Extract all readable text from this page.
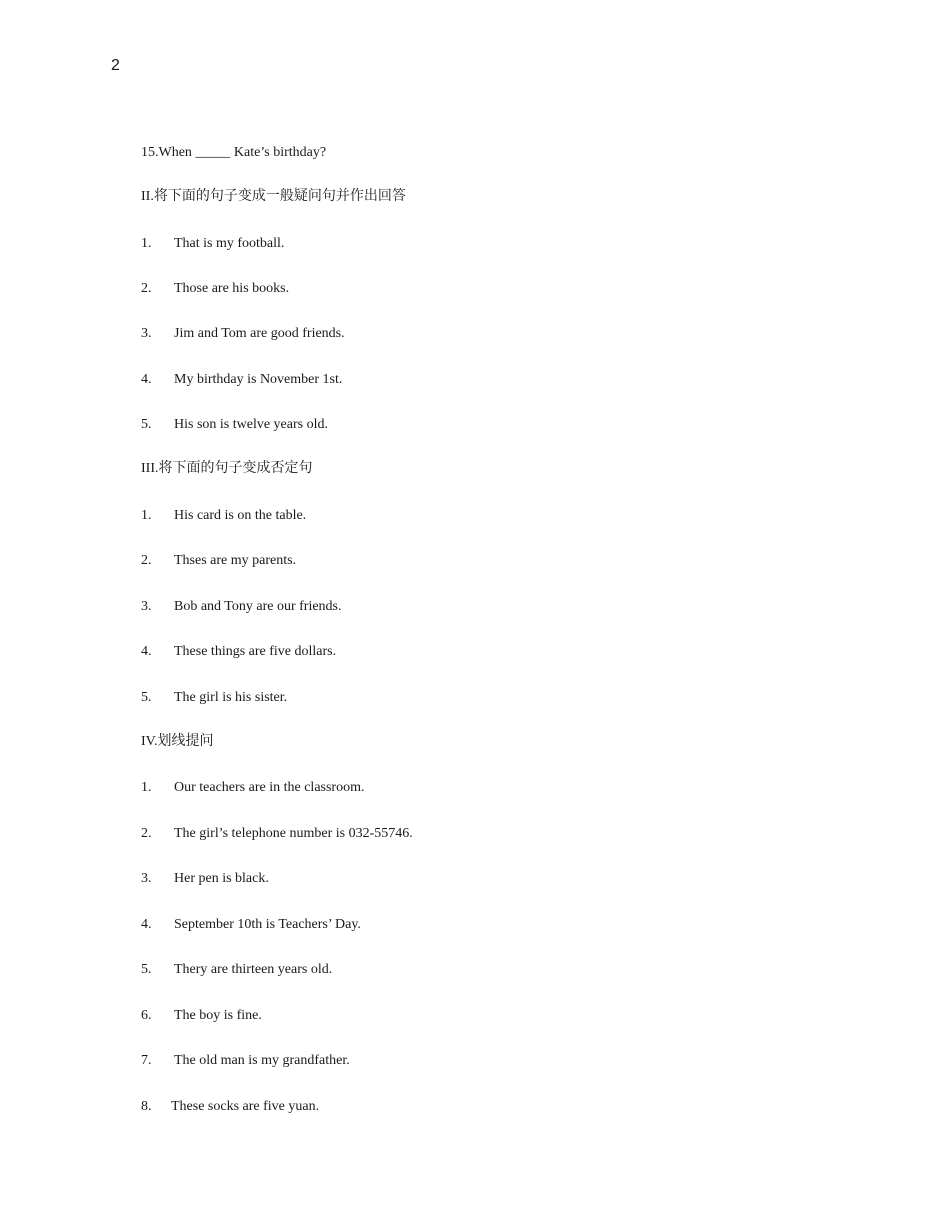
2
15.When _____ Kate’s birthday?
II.将下面的句子变成一般疑问句并作出回答
1. That is my football.
2. Those are his books.
3. Jim and Tom are good friends.
4. My birthday is November 1st.
5. His son is twelve years old.
III.将下面的句子变成否定句
1. His card is on the table.
2. Thses are my parents.
3. Bob and Tony are our friends.
4. These things are five dollars.
5. The girl is his sister.
IV.划线提问
1. Our teachers are in the classroom.
2. The girl’s telephone number is 032-55746.
3. Her pen is black.
4. September 10th is Teachers’ Day.
5. Thery are thirteen years old.
6. The boy is fine.
7. The old man is my grandfather.
8. These socks are five yuan.
